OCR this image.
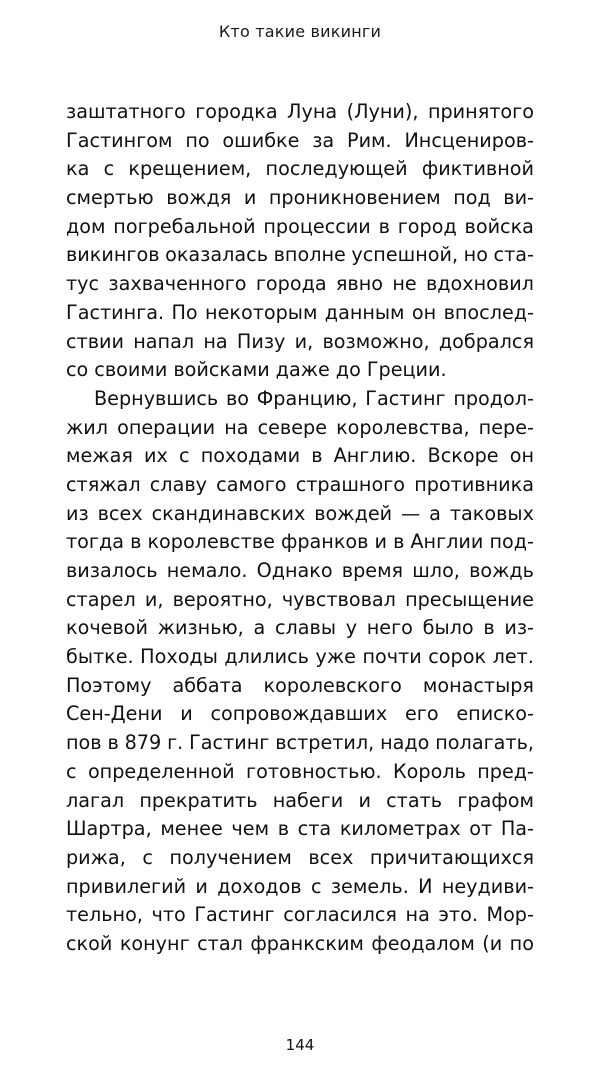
Кто такие викинги
заштатного городка Луна (Луни), принятого
Гастингом по ошибке за Рим. Инсцениров-
ка с крещением, последующей фиктивной
смертью вождя и проникновением под ви-
дом погребальной процессии в город войска
викингов оказалась вполне успешной, но ста-
тус захваченного города явно не вдохновил
Гастинга. По некоторым данным он впослед-
ствии напал на Пизу и, возможно, добрался
со своими войсками даже до Греции.
Вернувшись во Францию, Гастинг продол-
жил операции на севере королевства, пере-
межая их с походами в Англию. Вскоре он
стяжал славу самого страшного противника
из всех скандинавских вождей — а таковых
тогда в королевстве франков и в Англии под-
визалось немало. Однако время шло, вождь
старел и, вероятно, чувствовал пресыщение
кочевой жизнью, а славы у него было в из-
бытке. Походы длились уже почти сорок лет.
Поэтому аббата королевского монастыря
Сен-Дени и сопровождавших его еписко-
пов в 879 г. Гастинг встретил, надо полагать,
с определенной готовностью. Король пред-
лагал прекратить набеги и стать графом
Шартра, менее чем в ста километрах от Па-
рижа, с получением всех причитающихся
привилегий и доходов с земель. И неудиви-
тельно, что Гастинг согласился на это. Мор-
ской конунг стал франкским феодалом (и по
144
